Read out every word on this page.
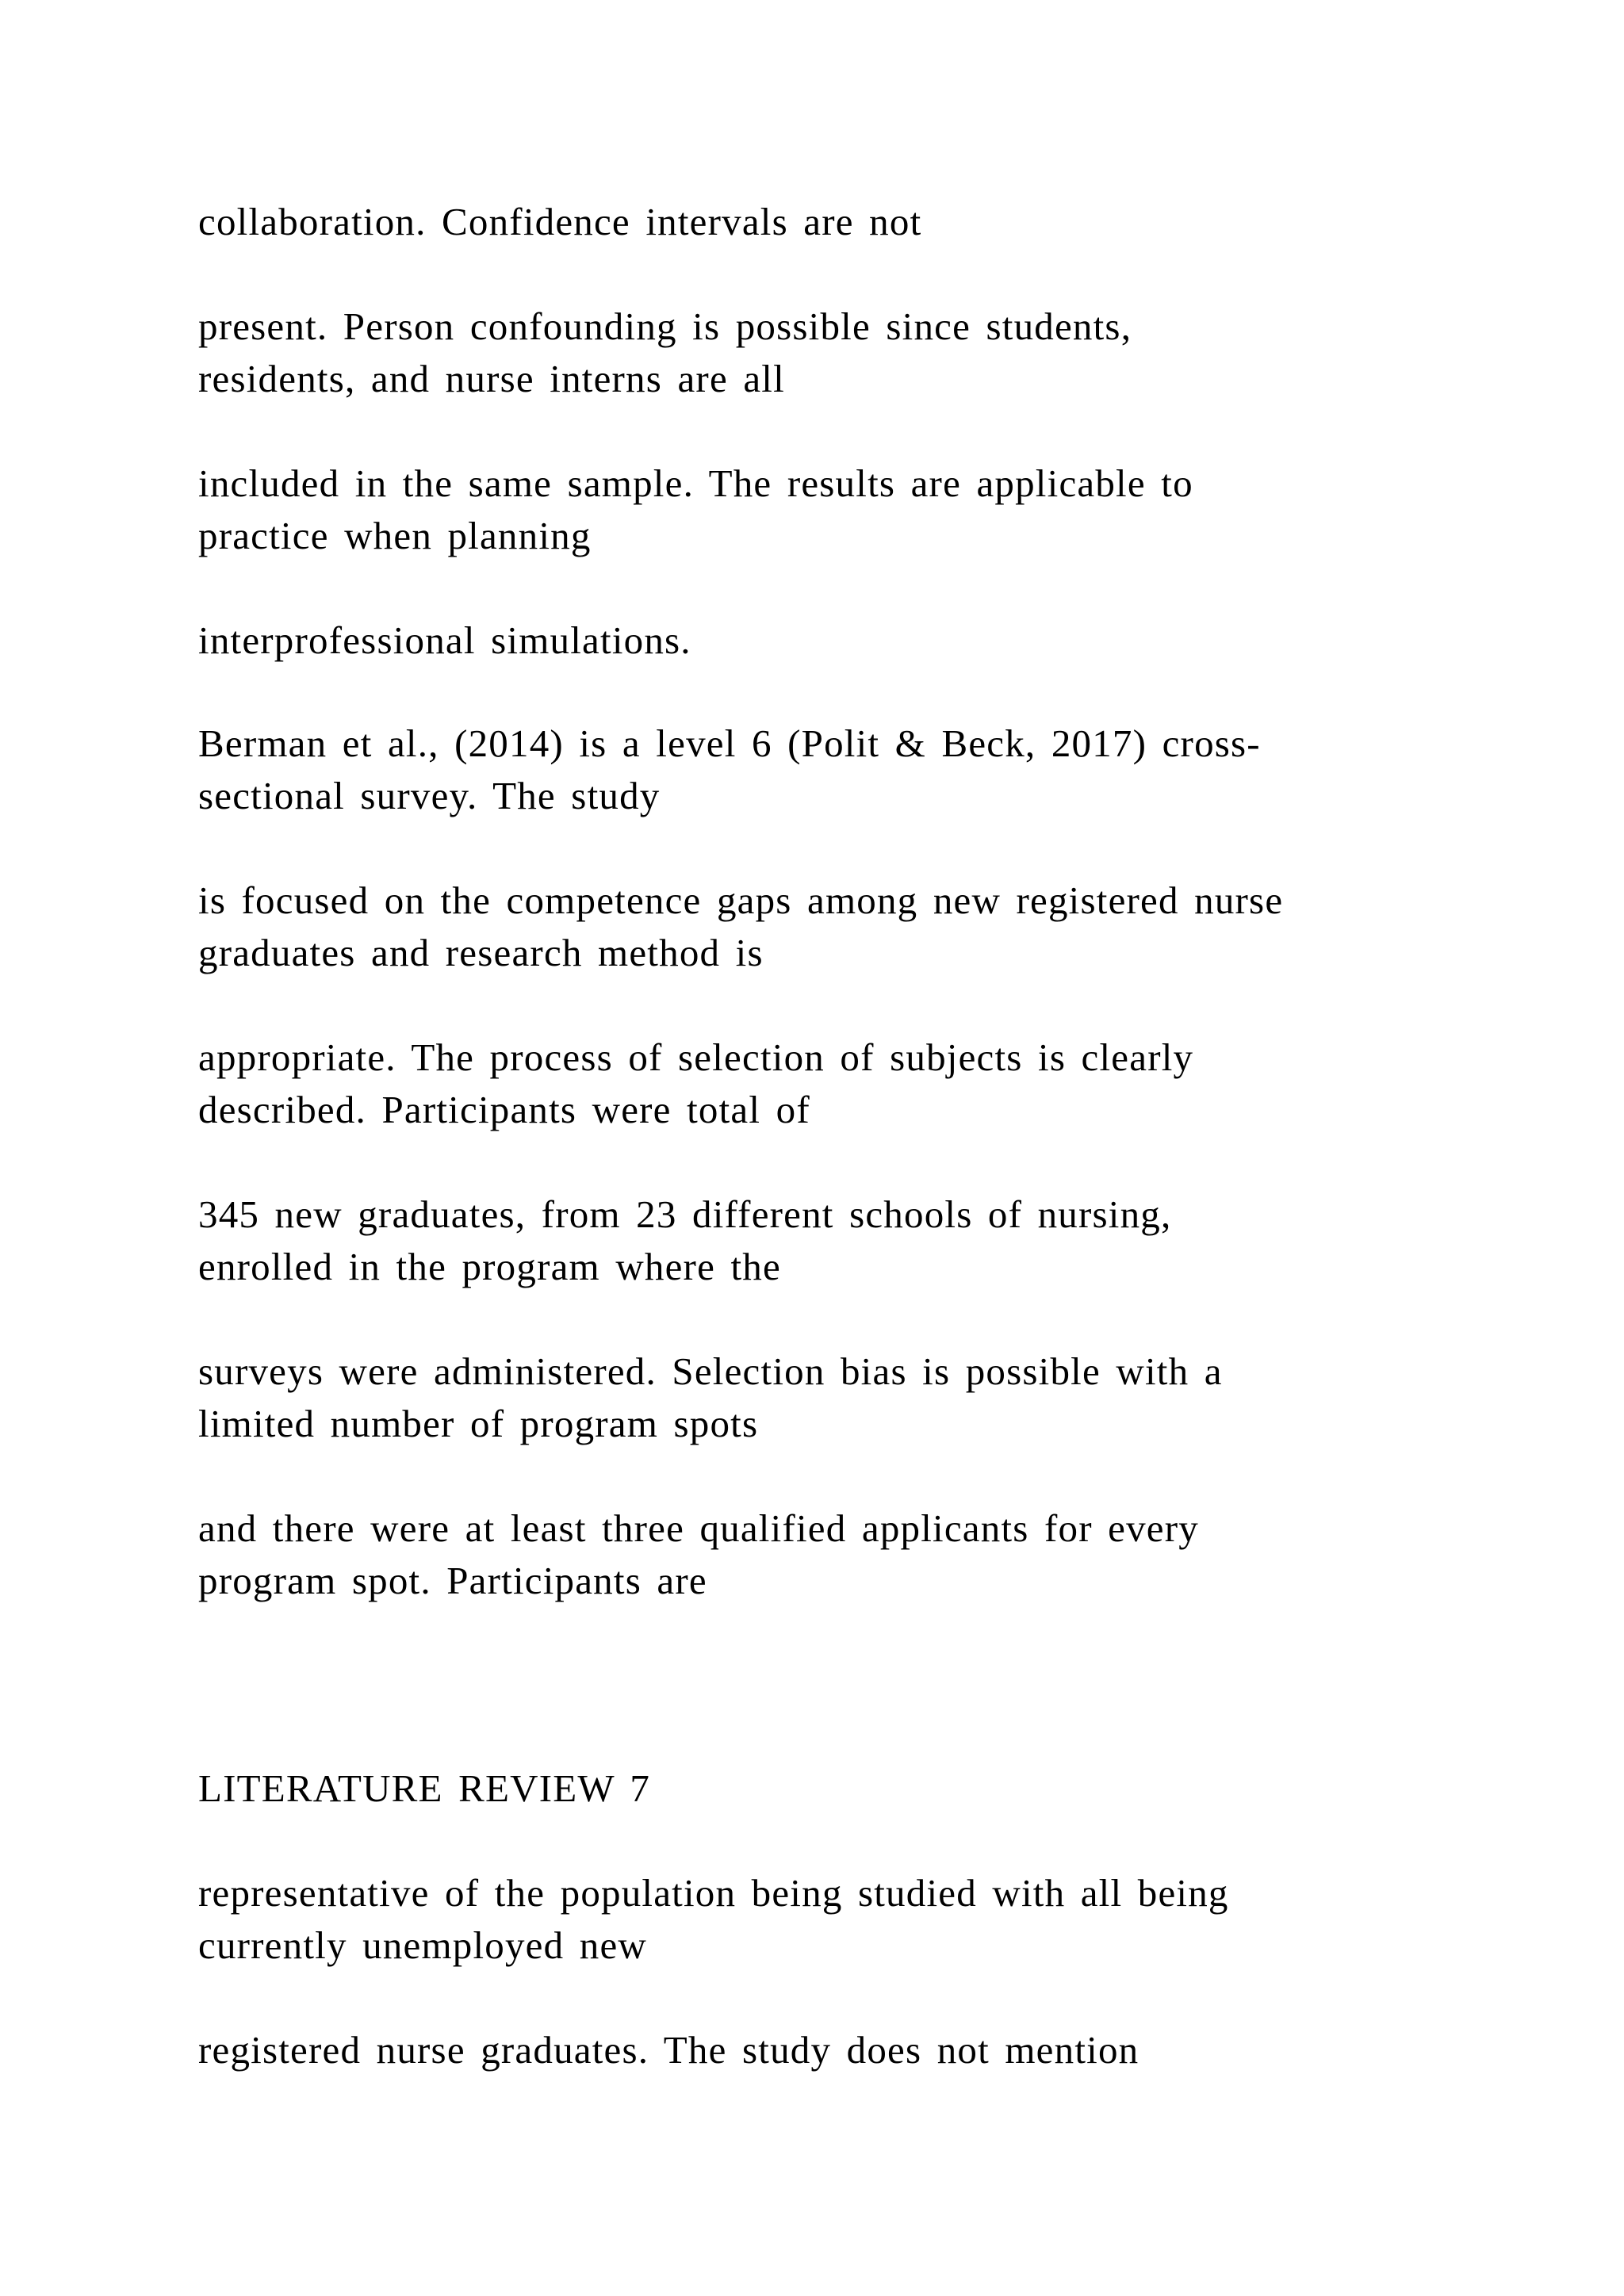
collaboration. Confidence intervals are not

present. Person confounding is possible since students,
residents, and nurse interns are all

included in the same sample. The results are applicable to
practice when planning

interprofessional simulations.

Berman et al., (2014) is a level 6 (Polit & Beck, 2017) cross-
sectional survey. The study

is focused on the competence gaps among new registered nurse
graduates and research method is

appropriate. The process of selection of subjects is clearly
described. Participants were total of

345 new graduates, from 23 different schools of nursing,
enrolled in the program where the

surveys were administered. Selection bias is possible with a
limited number of program spots

and there were at least three qualified applicants for every
program spot. Participants are

LITERATURE REVIEW 7

representative of the population being studied with all being
currently unemployed new

registered nurse graduates. The study does not mention
